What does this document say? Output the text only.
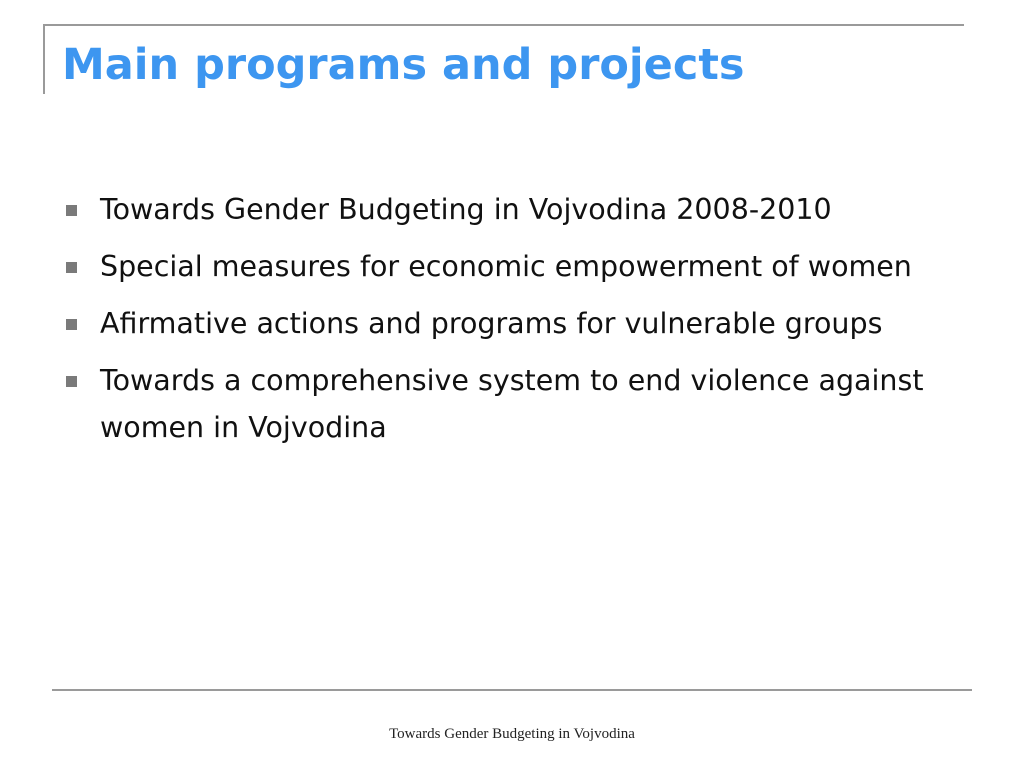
Main programs and projects
Towards Gender Budgeting in Vojvodina 2008-2010
Special measures for economic empowerment of women
Afirmative actions and programs for vulnerable groups
Towards a comprehensive system to end violence against women in Vojvodina
Towards Gender Budgeting in Vojvodina
